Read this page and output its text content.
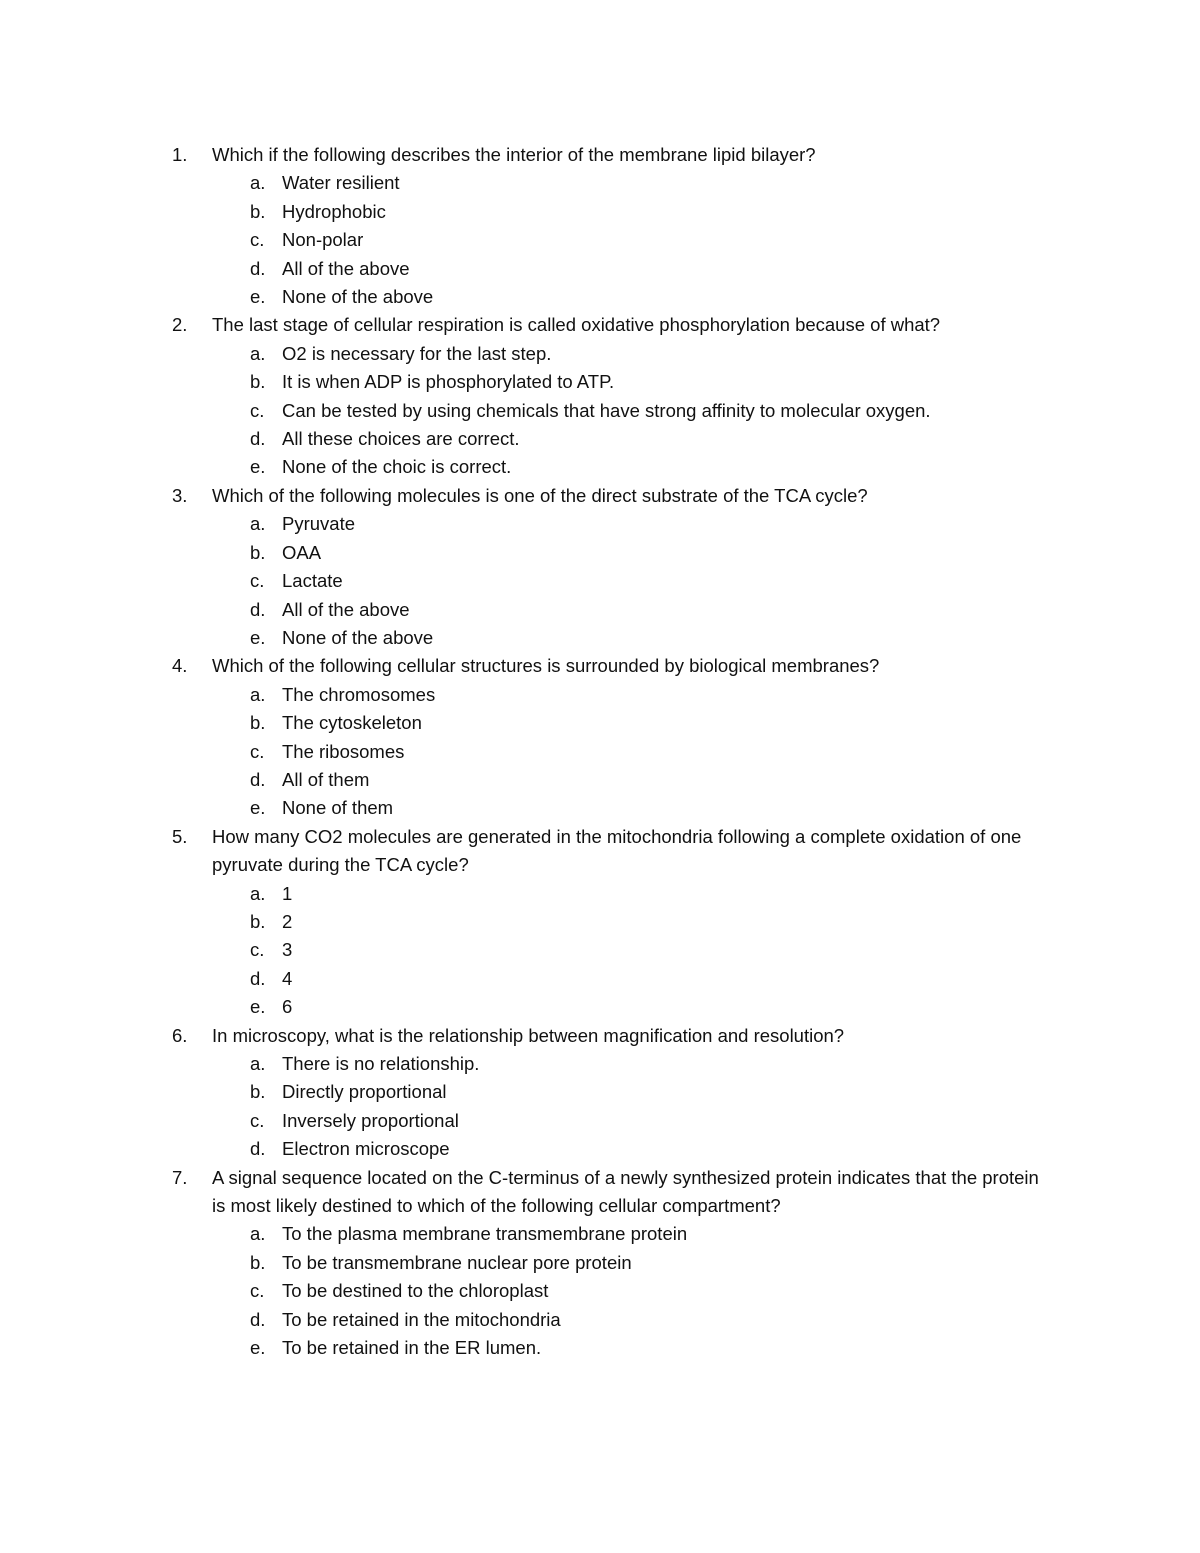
1.	Which if the following describes the interior of the membrane lipid bilayer?
a. Water resilient
b. Hydrophobic
c. Non-polar
d. All of the above
e. None of the above
2.	The last stage of cellular respiration is called oxidative phosphorylation because of what?
a. O2 is necessary for the last step.
b. It is when ADP is phosphorylated to ATP.
c. Can be tested by using chemicals that have strong affinity to molecular oxygen.
d. All these choices are correct.
e. None of the choic is correct.
3.	Which of the following molecules is one of the direct substrate of the TCA cycle?
a. Pyruvate
b. OAA
c. Lactate
d. All of the above
e. None of the above
4.	Which of the following cellular structures is surrounded by biological membranes?
a. The chromosomes
b. The cytoskeleton
c. The ribosomes
d. All of them
e. None of them
5.	How many CO2 molecules are generated in the mitochondria following a complete oxidation of one pyruvate during the TCA cycle?
a. 1
b. 2
c. 3
d. 4
e. 6
6.	In microscopy, what is the relationship between magnification and resolution?
a. There is no relationship.
b. Directly proportional
c. Inversely proportional
d. Electron microscope
7.	A signal sequence located on the C-terminus of a newly synthesized protein indicates that the protein is most likely destined to which of the following cellular compartment?
a. To the plasma membrane transmembrane protein
b. To be transmembrane nuclear pore protein
c. To be destined to the chloroplast
d. To be retained in the mitochondria
e. To be retained in the ER lumen.
